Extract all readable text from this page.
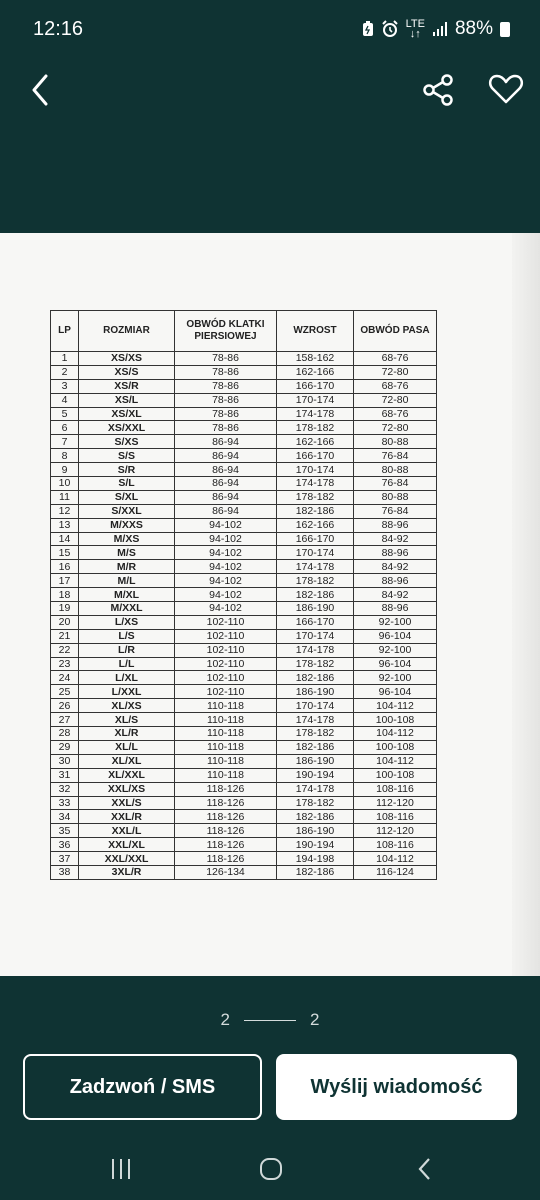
12:16	LTE
↓↑ 88%
LP	ROZMIAR	OBWÓD KLATKI PIERSIOWEJ	WZROST	OBWÓD PASA
1	XS/XS	78-86	158-162	68-76
2	XS/S	78-86	162-166	72-80
3	XS/R	78-86	166-170	68-76
4	XS/L	78-86	170-174	72-80
5	XS/XL	78-86	174-178	68-76
6	XS/XXL	78-86	178-182	72-80
7	S/XS	86-94	162-166	80-88
8	S/S	86-94	166-170	76-84
9	S/R	86-94	170-174	80-88
10	S/L	86-94	174-178	76-84
11	S/XL	86-94	178-182	80-88
12	S/XXL	86-94	182-186	76-84
13	M/XXS	94-102	162-166	88-96
14	M/XS	94-102	166-170	84-92
15	M/S	94-102	170-174	88-96
16	M/R	94-102	174-178	84-92
17	M/L	94-102	178-182	88-96
18	M/XL	94-102	182-186	84-92
19	M/XXL	94-102	186-190	88-96
20	L/XS	102-110	166-170	92-100
21	L/S	102-110	170-174	96-104
22	L/R	102-110	174-178	92-100
23	L/L	102-110	178-182	96-104
24	L/XL	102-110	182-186	92-100
25	L/XXL	102-110	186-190	96-104
26	XL/XS	110-118	170-174	104-112
27	XL/S	110-118	174-178	100-108
28	XL/R	110-118	178-182	104-112
29	XL/L	110-118	182-186	100-108
30	XL/XL	110-118	186-190	104-112
31	XL/XXL	110-118	190-194	100-108
32	XXL/XS	118-126	174-178	108-116
33	XXL/S	118-126	178-182	112-120
34	XXL/R	118-126	182-186	108-116
35	XXL/L	118-126	186-190	112-120
36	XXL/XL	118-126	190-194	108-116
37	XXL/XXL	118-126	194-198	104-112
38	3XL/R	126-134	182-186	116-124
2	2
Zadzwoń / SMS	Wyślij wiadomość
